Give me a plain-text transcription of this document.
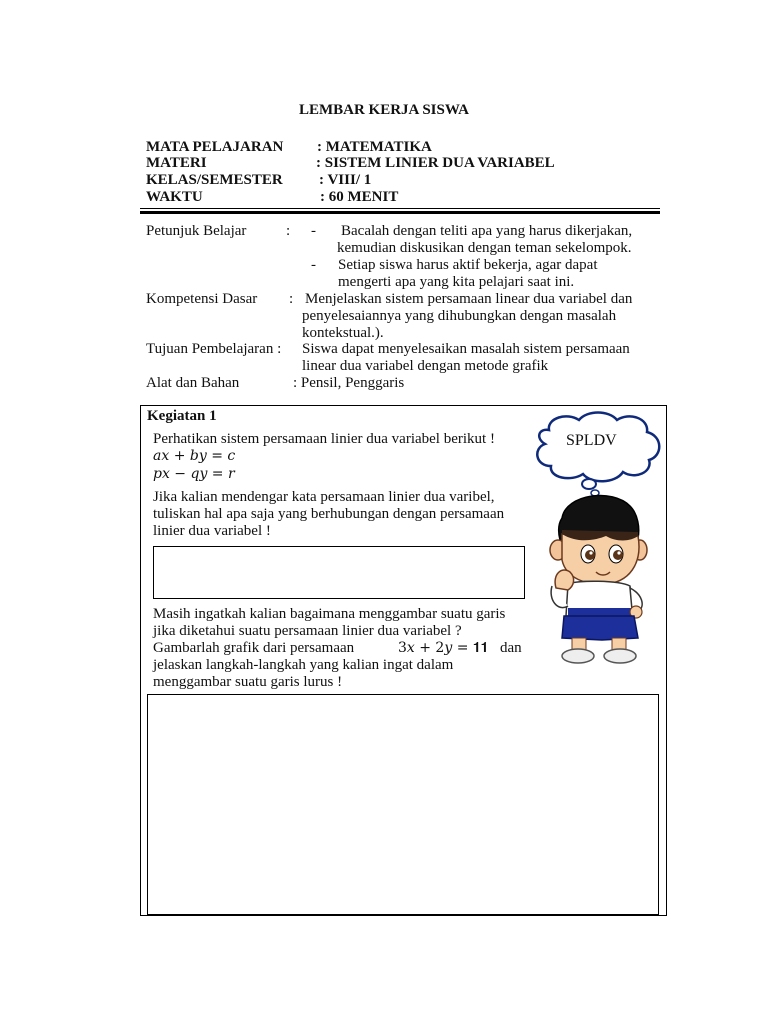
LEMBAR KERJA SISWA
MATA PELAJARAN : MATEMATIKA
MATERI	: SISTEM LINIER DUA VARIABEL
KELAS/SEMESTER : VIII/ 1
WAKTU	: 60 MENIT
Petunjuk Belajar	: - Bacalah dengan teliti apa yang harus dikerjakan,
kemudian diskusikan dengan teman sekelompok.
- Setiap siswa harus aktif bekerja, agar dapat
mengerti apa yang kita pelajari saat ini.
Kompetensi Dasar : Menjelaskan sistem persamaan linear dua variabel dan
penyelesaiannya yang dihubungkan dengan masalah
kontekstual.).
Tujuan Pembelajaran : Siswa dapat menyelesaikan masalah sistem persamaan
linear dua variabel dengan metode grafik
Alat dan Bahan	: Pensil, Penggaris
Kegiatan 1
Perhatikan sistem persamaan linier dua variabel berikut !
𝑎𝑥 + 𝑏𝑦 = 𝑐
𝑝𝑥 − 𝑞𝑦 = 𝑟
Jika kalian mendengar kata persamaan linier dua varibel,
tuliskan hal apa saja yang berhubungan dengan persamaan
linier dua variabel !
Masih ingatkah kalian bagaimana menggambar suatu garis
jika diketahui suatu persamaan linier dua variabel ?
Gambarlah grafik dari persamaan	3𝑥 + 2𝑦 = 𝟏𝟏 dan
jelaskan langkah-langkah yang kalian ingat dalam
menggambar suatu garis lurus !
SPLDV
